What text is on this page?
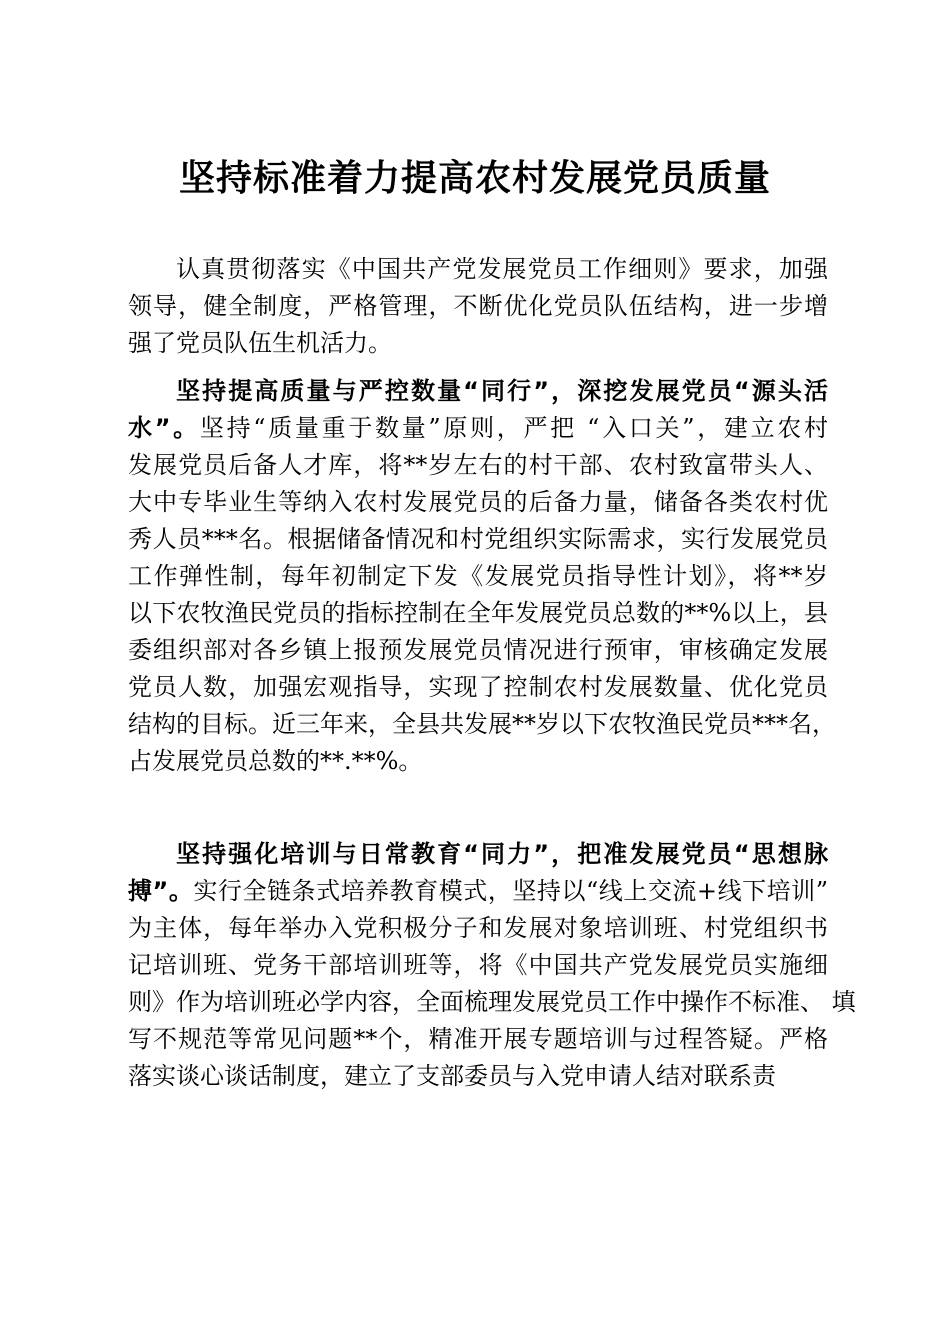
坚持标准着力提高农村发展党员质量
认真贯彻落实《中国共产党发展党员工作细则》要求，加强
领导，健全制度，严格管理，不断优化党员队伍结构，进一步增
强了党员队伍生机活力。
坚持提高质量与严控数量“同行”，深挖发展党员“源头活
水”。坚持“质量重于数量”原则，严把 “入口关”，建立农村
发展党员后备人才库，将**岁左右的村干部、农村致富带头人、
大中专毕业生等纳入农村发展党员的后备力量，储备各类农村优
秀人员***名。根据储备情况和村党组织实际需求，实行发展党员
工作弹性制，每年初制定下发《发展党员指导性计划》，将**岁
以下农牧渔民党员的指标控制在全年发展党员总数的**%以上，县
委组织部对各乡镇上报预发展党员情况进行预审，审核确定发展
党员人数，加强宏观指导，实现了控制农村发展数量、优化党员
结构的目标。近三年来，全县共发展**岁以下农牧渔民党员***名，
占发展党员总数的**.**%。
坚持强化培训与日常教育“同力”，把准发展党员“思想脉
搏”。实行全链条式培养教育模式，坚持以“线上交流+线下培训”
为主体，每年举办入党积极分子和发展对象培训班、村党组织书
记培训班、党务干部培训班等，将《中国共产党发展党员实施细
则》作为培训班必学内容，全面梳理发展党员工作中操作不标准、 填
写不规范等常见问题**个，精准开展专题培训与过程答疑。严格
落实谈心谈话制度，建立了支部委员与入党申请人结对联系责
